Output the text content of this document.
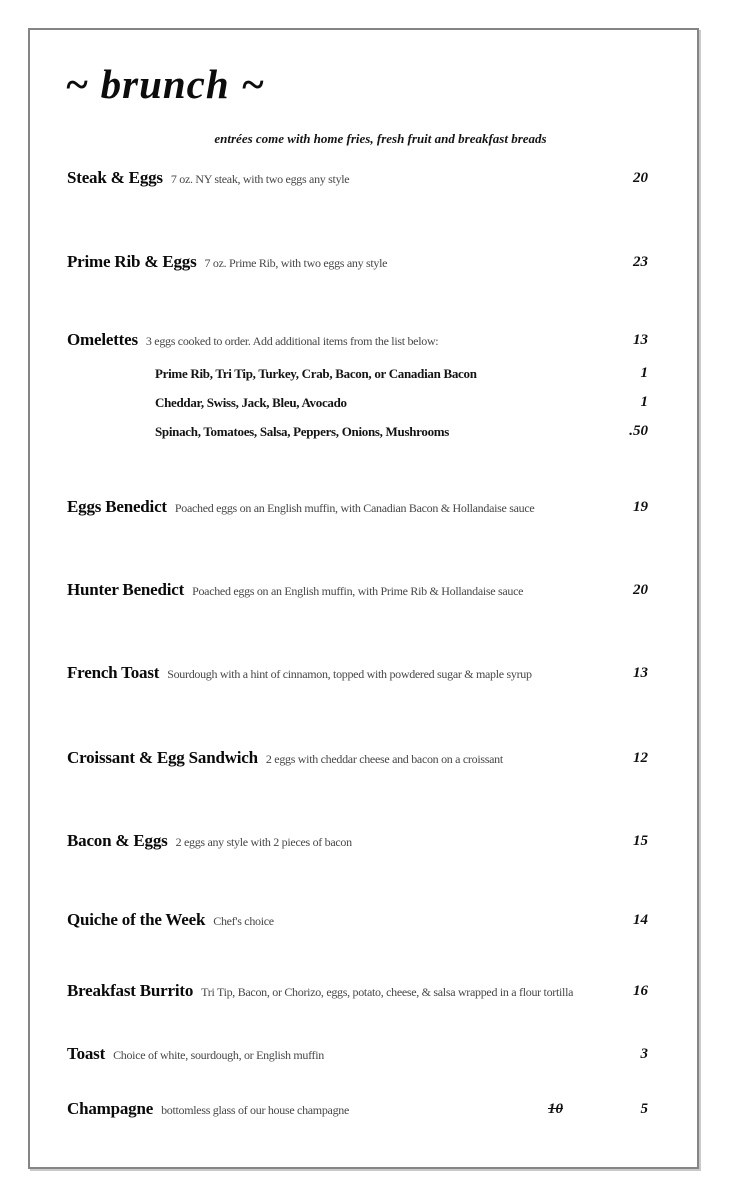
~ brunch ~
entrées come with home fries, fresh fruit and breakfast breads
Steak & Eggs 7 oz. NY steak, with two eggs any style	20
Prime Rib & Eggs 7 oz. Prime Rib, with two eggs any style	23
Omelettes 3 eggs cooked to order. Add additional items from the list below:	13
Prime Rib, Tri Tip, Turkey, Crab, Bacon, or Canadian Bacon	1
Cheddar, Swiss, Jack, Bleu, Avocado	1
Spinach, Tomatoes, Salsa, Peppers, Onions, Mushrooms	.50
Eggs Benedict Poached eggs on an English muffin, with Canadian Bacon & Hollandaise sauce	19
Hunter Benedict Poached eggs on an English muffin, with Prime Rib & Hollandaise sauce	20
French Toast Sourdough with a hint of cinnamon, topped with powdered sugar & maple syrup	13
Croissant & Egg Sandwich 2 eggs with cheddar cheese and bacon on a croissant	12
Bacon & Eggs 2 eggs any style with 2 pieces of bacon	15
Quiche of the Week Chef's choice	14
Breakfast Burrito Tri Tip, Bacon, or Chorizo, eggs, potato, cheese, & salsa wrapped in a flour tortilla	16
Toast Choice of white, sourdough, or English muffin	3
Champagne bottomless glass of our house champagne	10	5
